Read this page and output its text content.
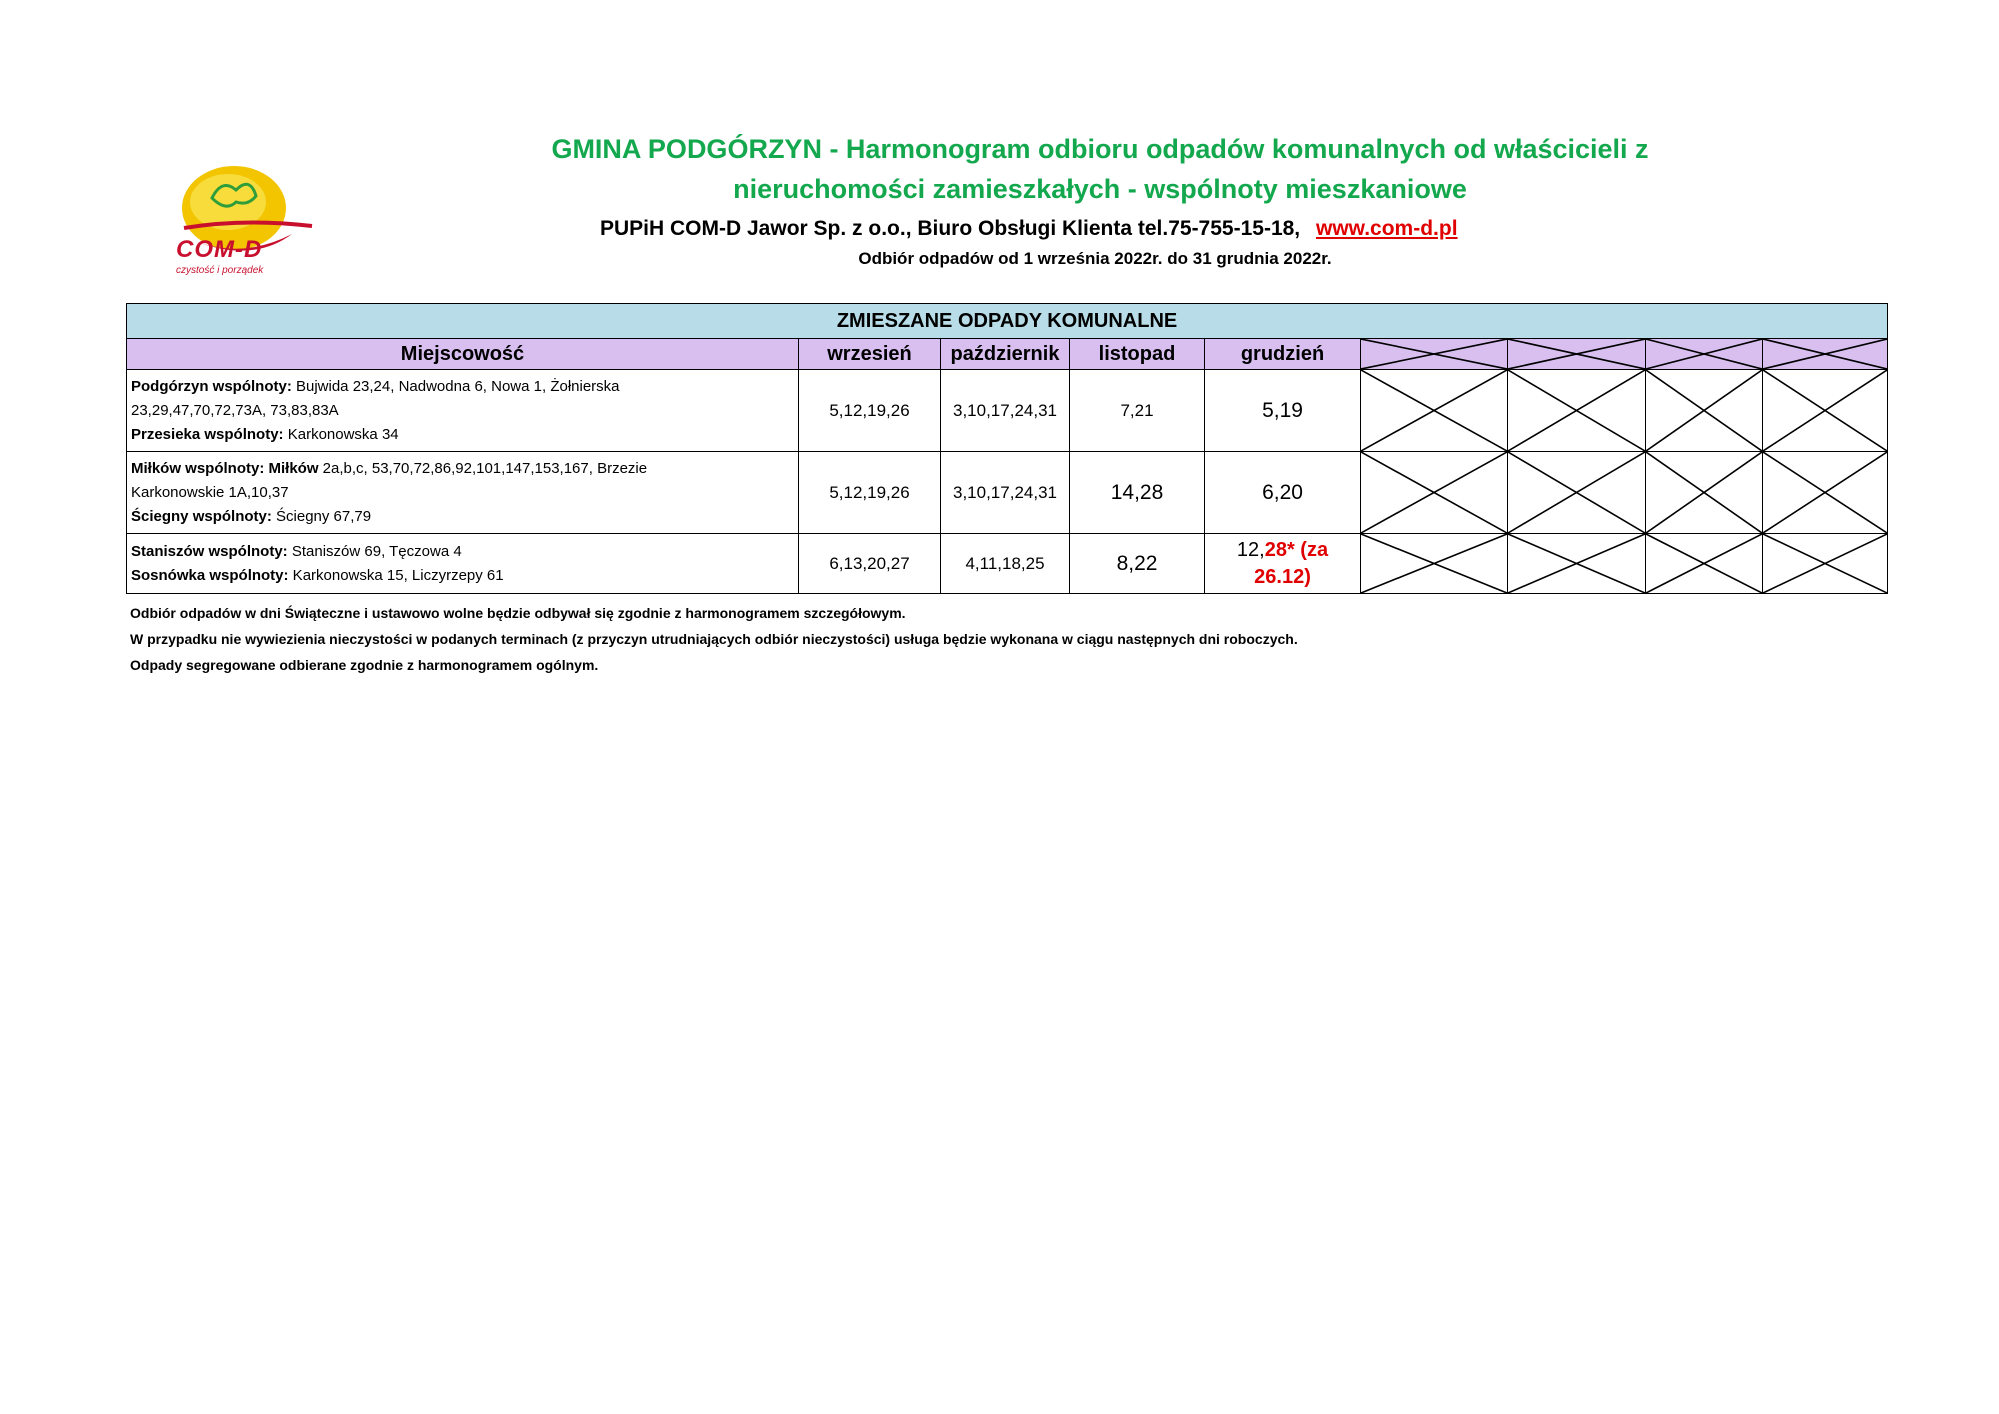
COM-D
czystość i porządek
GMINA PODGÓRZYN - Harmonogram odbioru odpadów komunalnych od właścicieli z
nieruchomości zamieszkałych - wspólnoty mieszkaniowe
PUPiH COM-D Jawor Sp. z o.o., Biuro Obsługi Klienta tel.75-755-15-18, www.com-d.pl
Odbiór odpadów od 1 września 2022r. do 31 grudnia 2022r.
ZMIESZANE ODPADY KOMUNALNE								
Miejscowość	wrzesień	październik	listopad	grudzień	

Podgórzyn wspólnoty: Bujwida 23,24, Nadwodna 6, Nowa 1, Żołnierska
23,29,47,70,72,73A, 73,83,83A
Przesieka wspólnoty: Karkonowska 34	5,12,19,26	3,10,17,24,31	7,21	5,19	

Miłków wspólnoty: Miłków 2a,b,c, 53,70,72,86,92,101,147,153,167, Brzezie
Karkonowskie 1A,10,37
Ściegny wspólnoty: Ściegny 67,79	5,12,19,26	3,10,17,24,31	14,28	6,20	

Staniszów wspólnoty: Staniszów 69, Tęczowa 4
Sosnówka wspólnoty: Karkonowska 15, Liczyrzepy 61	6,13,20,27	4,11,18,25	8,22	12,28* (za 26.12)	

Odbiór odpadów w dni Świąteczne i ustawowo wolne będzie odbywał się zgodnie z harmonogramem szczegółowym.
W przypadku nie wywiezienia nieczystości w podanych terminach (z przyczyn utrudniających odbiór nieczystości) usługa będzie wykonana w ciągu następnych dni roboczych.
Odpady segregowane odbierane zgodnie z harmonogramem ogólnym.
